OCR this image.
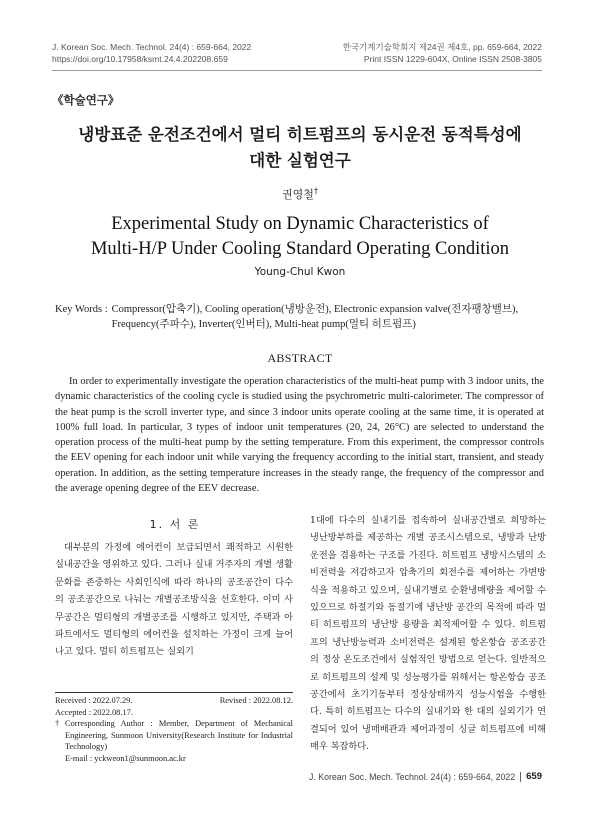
J. Korean Soc. Mech. Technol. 24(4) : 659-664, 2022
https://doi.org/10.17958/ksmt.24.4.202208.659
한국기계기술학회지 제24권 제4호, pp. 659-664, 2022
Print ISSN 1229-604X, Online ISSN 2508-3805
《학술연구》
냉방표준 운전조건에서 멀티 히트펌프의 동시운전 동적특성에
대한 실험연구
권영철†
Experimental Study on Dynamic Characteristics of
Multi-H/P Under Cooling Standard Operating Condition
Young-Chul Kwon
Key Words : Compressor(압축기), Cooling operation(냉방운전), Electronic expansion valve(전자팽창밸브), Frequency(주파수), Inverter(인버터), Multi-heat pump(멀티 히트펌프)
ABSTRACT

In order to experimentally investigate the operation characteristics of the multi-heat pump with 3 indoor units, the dynamic characteristics of the cooling cycle is studied using the psychrometric multi-calorimeter. The compressor of the heat pump is the scroll inverter type, and since 3 indoor units operate cooling at the same time, it is operated at 100% full load. In particular, 3 types of indoor unit temperatures (20, 24, 26°C) are selected to understand the operation process of the multi-heat pump by the setting temperature. From this experiment, the compressor controls the EEV opening for each indoor unit while varying the frequency according to the initial start, transient, and steady operation. In addition, as the setting temperature increases in the steady range, the frequency of the compressor and the average opening degree of the EEV decrease.

1. 서 론

대부분의 가정에 에어컨이 보급되면서 쾌적하고 시원한 실내공간을 영위하고 있다. 그러나 실내 거주자의 개별 생활문화를 존중하는 사회인식에 따라 하나의 공조공간이 다수의 공조공간으로 나눠는 개별공조방식을 선호한다. 이미 사무공간은 멀티형의 개별공조를 시행하고 있지만, 주택과 아파트에서도 멀티형의 에어컨을 설치하는 가정이 크게 늘어나고 있다. 멀티 히트펌프는 실외기

Received : 2022.07.29.	Revised : 2022.08.12.
Accepted : 2022.08.17.
† Corresponding Author : Member, Department of Mechanical Engineering, Sunmoon University(Research Institute for Industrial Technology)
E-mail : yckweon1@sunmoon.ac.kr

1대에 다수의 실내기를 접속하여 실내공간별로 희망하는 냉난방부하를 제공하는 개별 공조시스템으로, 냉방과 난방운전을 겸용하는 구조를 가진다. 히트펌프 냉방시스템의 소비전력을 저감하고자 압축기의 회전수를 제어하는 가변방식을 적용하고 있으며, 실내기별로 순환냉매량을 제어할 수 있으므로 하절기와 동절기에 냉난방 공간의 목적에 따라 멀티 히트펌프의 냉난방 용량을 최적제어할 수 있다. 히트펌프의 냉난방능력과 소비전력은 설계된 항온항습 공조공간의 정상 온도조건에서 실험적인 방법으로 얻는다. 일반적으로 히트펌프의 설계 및 성능평가를 위해서는 항온항습 공조공간에서 초기기동부터 정상상태까지 성능시험을 수행한다. 특히 히트펌프는 다수의 실내기와 한 대의 실외기가 연결되어 있어 냉매배관과 제어과정이 싱글 히트펌프에 비해 매우 복잡하다.

J. Korean Soc. Mech. Technol. 24(4) : 659-664, 2022 659
